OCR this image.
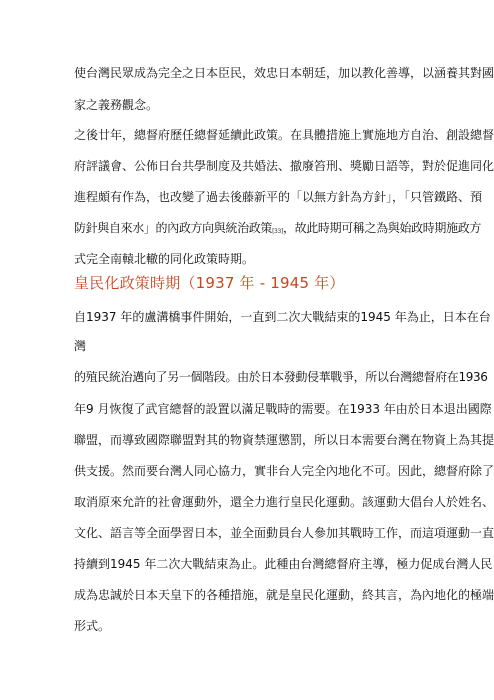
使台灣民眾成為完全之日本臣民，效忠日本朝廷，加以教化善導，以涵養其對國
家之義務觀念。
之後廿年，總督府歷任總督延續此政策。在具體措施上實施地方自治、創設總督
府評議會、公佈日台共學制度及共婚法、撤廢笞刑、獎勵日語等，對於促進同化
進程頗有作為，也改變了過去後藤新平的「以無方針為方針」，「只管鐵路、預
防針與自來水」的內政方向與統治政策[33]，故此時期可稱之為與始政時期施政方
式完全南轅北轍的同化政策時期。
皇民化政策時期（1937 年 - 1945 年）
自1937 年的盧溝橋事件開始，一直到二次大戰結束的1945 年為止，日本在台
灣
的殖民統治邁向了另一個階段。由於日本發動侵華戰爭，所以台灣總督府在1936
年9 月恢復了武官總督的設置以滿足戰時的需要。在1933 年由於日本退出國際
聯盟，而導致國際聯盟對其的物資禁運懲罰，所以日本需要台灣在物資上為其提
供支援。然而要台灣人同心協力，實非台人完全內地化不可。因此，總督府除了
取消原來允許的社會運動外，還全力進行皇民化運動。該運動大倡台人於姓名、
文化、語言等全面學習日本，並全面動員台人參加其戰時工作，而這項運動一直
持續到1945 年二次大戰結束為止。此種由台灣總督府主導，極力促成台灣人民
成為忠誠於日本天皇下的各種措施，就是皇民化運動，終其言，為內地化的極端
形式。
